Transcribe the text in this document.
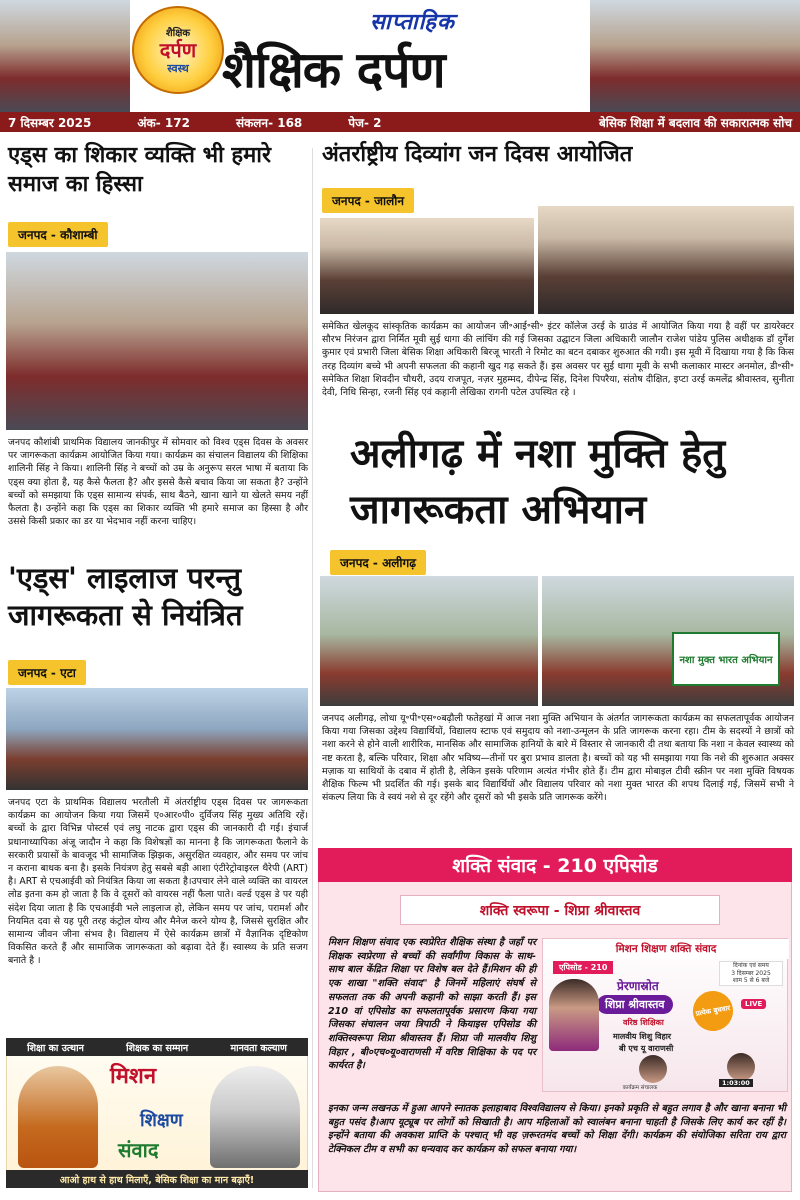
शैक्षिक
दर्पण
स्वस्थ
साप्ताहिक
शैक्षिक दर्पण
7 दिसम्बर 2025	अंक- 172	संकलन- 168	पेज- 2	बेसिक शिक्षा में बदलाव की सकारात्मक सोच
एड्स का शिकार व्यक्ति भी हमारे समाज का हिस्सा
जनपद - कौशाम्बी
जनपद कौशांबी प्राथमिक विद्यालय जानकीपुर में सोमवार को विश्व एड्स दिवस के अवसर पर जागरूकता कार्यक्रम आयोजित किया गया। कार्यक्रम का संचालन विद्यालय की शिक्षिका शालिनी सिंह ने किया। शालिनी सिंह ने बच्चों को उम्र के अनुरूप सरल भाषा में बताया कि एड्स क्या होता है, यह कैसे फैलता है? और इससे कैसे बचाव किया जा सकता है? उन्होंने बच्चों को समझाया कि एड्स सामान्य संपर्क, साथ बैठने, खाना खाने या खेलते समय नहीं फैलता है। उन्होंने कहा कि एड्स का शिकार व्यक्ति भी हमारे समाज का हिस्सा है और उससे किसी प्रकार का डर या भेदभाव नहीं करना चाहिए।
'एड्स' लाइलाज परन्तु जागरूकता से नियंत्रित
जनपद - एटा
जनपद एटा के प्राथमिक विद्यालय भरतौली में अंतर्राष्ट्रीय एड्स दिवस पर जागरूकता कार्यक्रम का आयोजन किया गया जिसमें ए०आर०पी० दुर्विजय सिंह मुख्य अतिथि रहें। बच्चों के द्वारा विभिन्न पोस्टर्स एवं लघु नाटक द्वारा एड्स की जानकारी दी गई। इंचार्ज प्रधानाध्यापिका अंजू जादौन ने कहा कि विशेषज्ञों का मानना है कि जागरूकता फैलाने के सरकारी प्रयासों के बावजूद भी सामाजिक झिझक, असुरक्षित व्यवहार, और समय पर जांच न कराना बाधक बना है। इसके नियंत्रण हेतु सबसे बड़ी आशा एंटीरेट्रोवाइरल थैरेपी (ART) है। ART से एचआईवी को नियंत्रित किया जा सकता है।उपचार लेने वाले व्यक्ति का वायरल लोड इतना कम हो जाता है कि वे दूसरों को वायरस नहीं फैला पाते। वर्ल्ड एड्स डे पर यही संदेश दिया जाता है कि एचआईवी भले लाइलाज हो, लेकिन समय पर जांच, परामर्श और नियमित दवा से यह पूरी तरह कंट्रोल योग्य और मैनेज करने योग्य है, जिससे सुरक्षित और सामान्य जीवन जीना संभव है। विद्यालय में ऐसे कार्यक्रम छात्रों में वैज्ञानिक दृष्टिकोण विकसित करते हैं और सामाजिक जागरूकता को बढ़ावा देते हैं। स्वास्थ्य के प्रति सजग बनाते है ।
शिक्षा का उत्थान	शिक्षक का सम्मान	मानवता कल्याण
मिशन
शिक्षण
संवाद
आओ हाथ से हाथ मिलाएँ, बेसिक शिक्षा का मान बढ़ाएँ!
अंतर्राष्ट्रीय दिव्यांग जन दिवस आयोजित
जनपद - जालौन
समेकित खेलकूद सांस्कृतिक कार्यक्रम का आयोजन जी॰आई॰सी॰ इंटर कॉलेज उरई के ग्राउंड में आयोजित किया गया है वहीं पर डायरेक्टर सौरभ निरंजन द्वारा निर्मित मूवी सुई धागा की लांचिंग की गई जिसका उद्घाटन जिला अधिकारी जालौन राजेश पांडेय पुलिस अधीक्षक डॉ दुर्गेश कुमार एवं प्रभारी जिला बेसिक शिक्षा अधिकारी बिरजू भारती ने रिमोट का बटन दबाकर शुरुआत की गयी। इस मूवी में दिखाया गया है कि किस तरह दिव्यांग बच्चे भी अपनी सफलता की कहानी खुद गढ़ सकते हैं। इस अवसर पर सुई धागा मूवी के सभी कलाकार मास्टर अनमोल, डी॰सी॰ समेकित शिक्षा शिवदीन चौधरी, उदय राजपूत, नज़र मुहम्मद, दीपेन्द्र सिंह, दिनेश पिपरैया, संतोष दीक्षित, इप्टा उरई कमलेंद्र श्रीवास्तव, सुनीता देवी, निधि सिन्हा, रजनी सिंह एवं कहानी लेखिका रागनी पटेल उपस्थित रहे ।
अलीगढ़ में नशा मुक्ति हेतु जागरूकता अभियान
जनपद - अलीगढ़
नशा मुक्त भारत अभियान
जनपद अलीगढ़, लोधा यू॰पी॰एस॰०बढ़ौली फतेहखां में आज नशा मुक्ति अभियान के अंतर्गत जागरूकता कार्यक्रम का सफलतापूर्वक आयोजन किया गया जिसका उद्देश्य विद्यार्थियों, विद्यालय स्टाफ एवं समुदाय को नशा-उन्मूलन के प्रति जागरूक करना रहा। टीम के सदस्यों ने छात्रों को नशा करने से होने वाली शारीरिक, मानसिक और सामाजिक हानियों के बारे में विस्तार से जानकारी दी तथा बताया कि नशा न केवल स्वास्थ्य को नष्ट करता है, बल्कि परिवार, शिक्षा और भविष्य—तीनों पर बुरा प्रभाव डालता है। बच्चों को यह भी समझाया गया कि नशे की शुरुआत अक्सर मज़ाक या साथियों के दबाव में होती है, लेकिन इसके परिणाम अत्यंत गंभीर होते हैं। टीम द्वारा मोबाइल टीवी स्क्रीन पर नशा मुक्ति विषयक शैक्षिक फिल्म भी प्रदर्शित की गई। इसके बाद विद्यार्थियों और विद्यालय परिवार को नशा मुक्त भारत की शपथ दिलाई गई, जिसमें सभी ने संकल्प लिया कि वे स्वयं नशे से दूर रहेंगे और दूसरों को भी इसके प्रति जागरूक करेंगे।
शक्ति संवाद - 210 एपिसोड
शक्ति स्वरूपा - शिप्रा श्रीवास्तव
मिशन शिक्षण संवाद एक स्वप्रेरित शैक्षिक संस्था है जहाँ पर शिक्षक स्वप्रेरणा से बच्चों की सर्वांगीण विकास के साथ- साथ बाल केंद्रित शिक्षा पर विशेष बल देते हैं।मिशन की ही एक शाखा "शक्ति संवाद" है जिनमें महिलाएं संघर्ष से सफलता तक की अपनी कहानी को साझा करती हैं। इस 210 वां एपिसोड का सफलतापूर्वक प्रसारण किया गया जिसका संचालन जया त्रिपाठी ने कियाइस एपिसोड की शक्तिस्वरूपा शिप्रा श्रीवास्तव हैं। शिप्रा जी मालवीय शिशु विहार , बी०एच०यू०वाराणसी में वरिष्ठ शिक्षिका के पद पर कार्यरत है।
मिशन शिक्षण शक्ति संवाद
एपिसोड - 210	दिनांक एवं समय
3 दिसम्बर 2025
शाम 5 से 6 बजे
प्रेरणास्रोत
शिप्रा श्रीवास्तव
वरिष्ठ शिक्षिका
मालवीय शिशु विहार
बी एच यू वाराणसी
प्रत्येक बुधवार	LIVE
कार्यक्रम संचालक
1:03:00
इनका जन्म लखनऊ में हुआ आपने स्नातक इलाहाबाद विश्वविद्यालय से किया। इनको प्रकृति से बहुत लगाव है और खाना बनाना भी बहुत पसंद है।आप यूट्यूब पर लोगों को सिखाती है। आप महिलाओं को स्वालंबन बनाना चाहती है जिसके लिए कार्य कर रहीं है। इन्होंने बताया की अवकाश प्राप्ति के पश्चात् भी वह ज़रूरतमंद बच्चों को शिक्षा देंगी। कार्यक्रम की संयोजिका सरिता राय द्वारा टेक्निकल टीम व सभी का धन्यवाद कर कार्यक्रम को सफल बनाया गया।
